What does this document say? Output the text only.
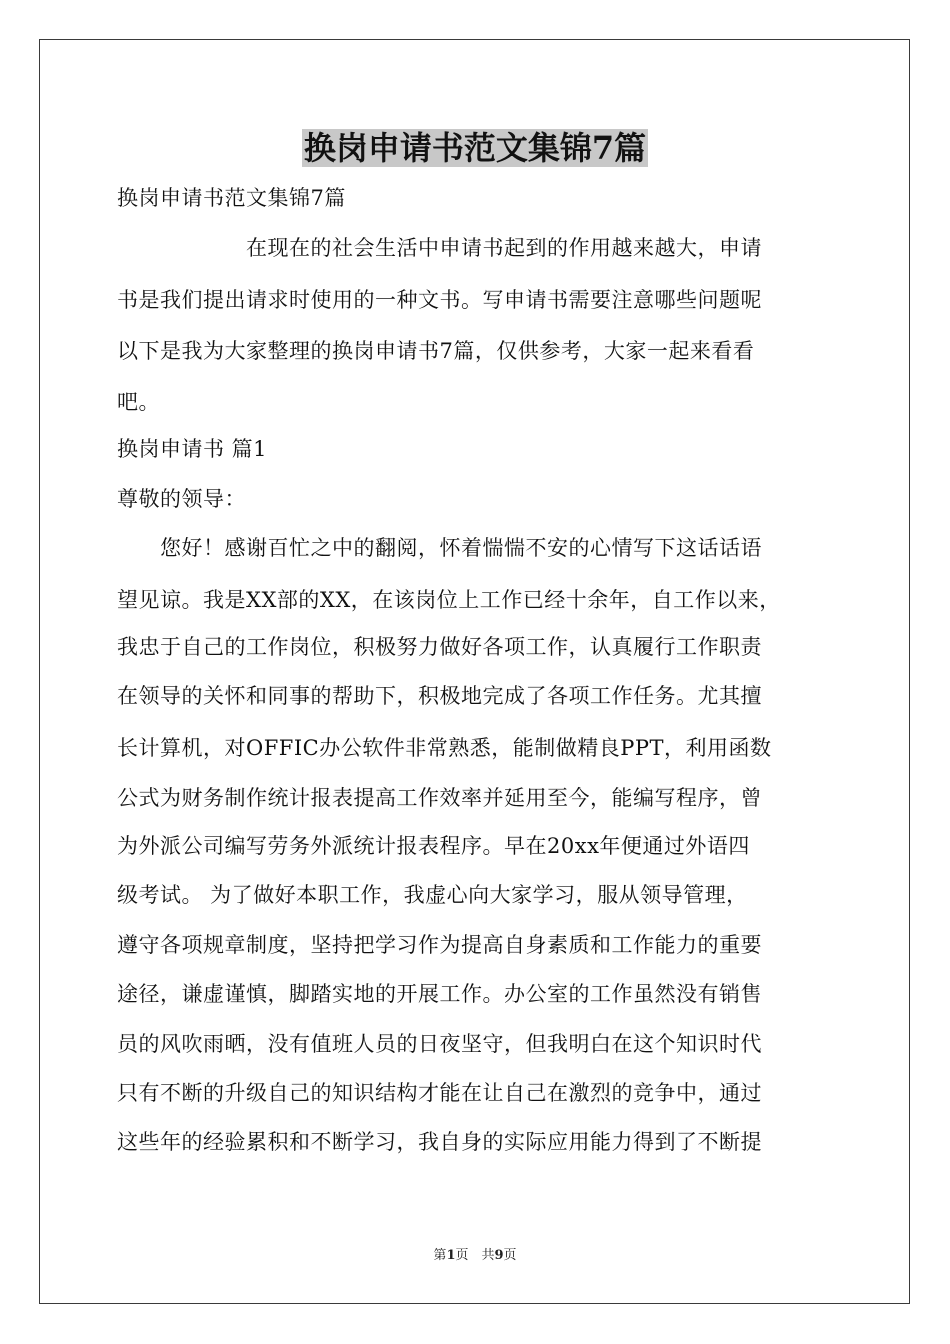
换岗申请书范文集锦7篇
换岗申请书范文集锦7篇
　　　　　　在现在的社会生活中申请书起到的作用越来越大，申请
书是我们提出请求时使用的一种文书。写申请书需要注意哪些问题呢
以下是我为大家整理的换岗申请书7篇，仅供参考，大家一起来看看
吧。
换岗申请书 篇1
尊敬的领导：
　　您好！感谢百忙之中的翻阅，怀着惴惴不安的心情写下这话话语
望见谅。我是XX部的XX，在该岗位上工作已经十余年，自工作以来，
我忠于自己的工作岗位，积极努力做好各项工作，认真履行工作职责
在领导的关怀和同事的帮助下，积极地完成了各项工作任务。尤其擅
长计算机，对OFFIC办公软件非常熟悉，能制做精良PPT，利用函数
公式为财务制作统计报表提高工作效率并延用至今，能编写程序，曾
为外派公司编写劳务外派统计报表程序。早在20xx年便通过外语四
级考试。 为了做好本职工作，我虚心向大家学习，服从领导管理，
遵守各项规章制度，坚持把学习作为提高自身素质和工作能力的重要
途径，谦虚谨慎，脚踏实地的开展工作。办公室的工作虽然没有销售
员的风吹雨晒，没有值班人员的日夜坚守，但我明白在这个知识时代
只有不断的升级自己的知识结构才能在让自己在激烈的竞争中，通过
这些年的经验累积和不断学习，我自身的实际应用能力得到了不断提
第1页　共9页
